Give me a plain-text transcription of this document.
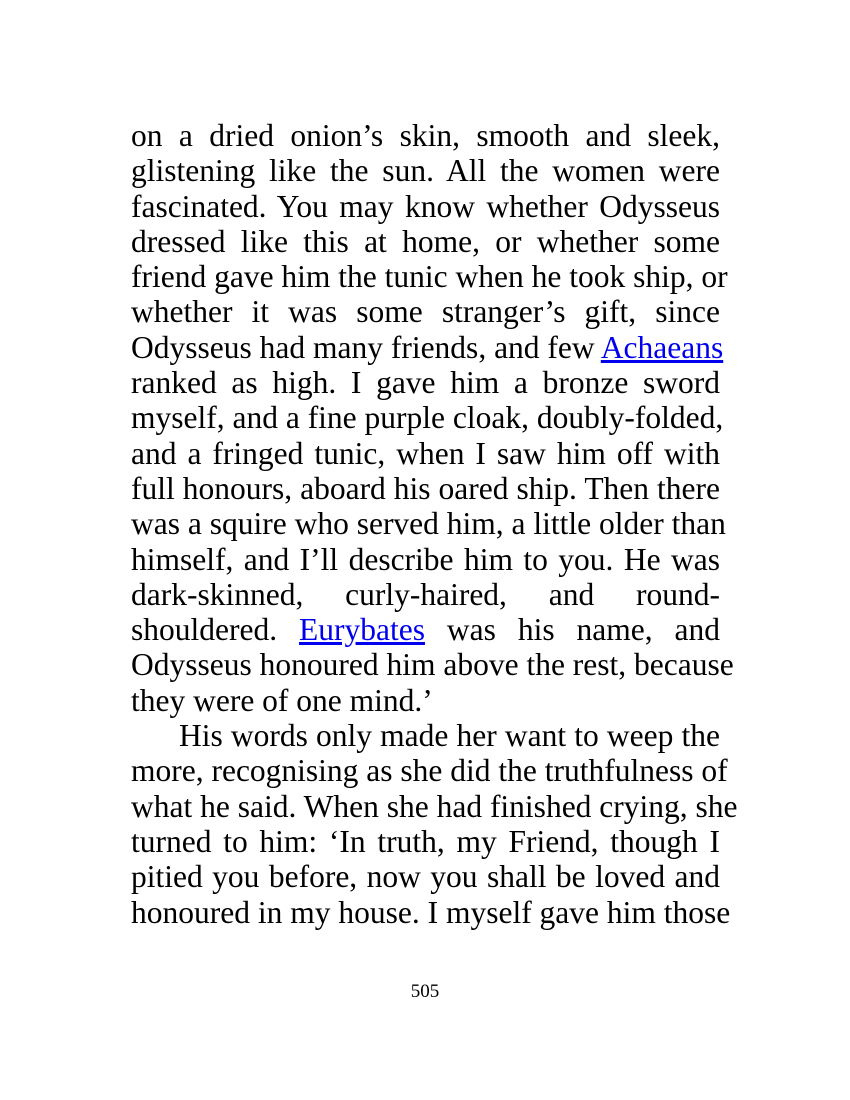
on a dried onion’s skin, smooth and sleek,
glistening like the sun. All the women were
fascinated. You may know whether Odysseus
dressed like this at home, or whether some
friend gave him the tunic when he took ship, or
whether it was some stranger’s gift, since
Odysseus had many friends, and few Achaeans
ranked as high. I gave him a bronze sword
myself, and a fine purple cloak, doubly-folded,
and a fringed tunic, when I saw him off with
full honours, aboard his oared ship. Then there
was a squire who served him, a little older than
himself, and I’ll describe him to you. He was
dark-skinned, curly-haired, and round-
shouldered. Eurybates was his name, and
Odysseus honoured him above the rest, because
they were of one mind.’
His words only made her want to weep the
more, recognising as she did the truthfulness of
what he said. When she had finished crying, she
turned to him: ‘In truth, my Friend, though I
pitied you before, now you shall be loved and
honoured in my house. I myself gave him those
505
